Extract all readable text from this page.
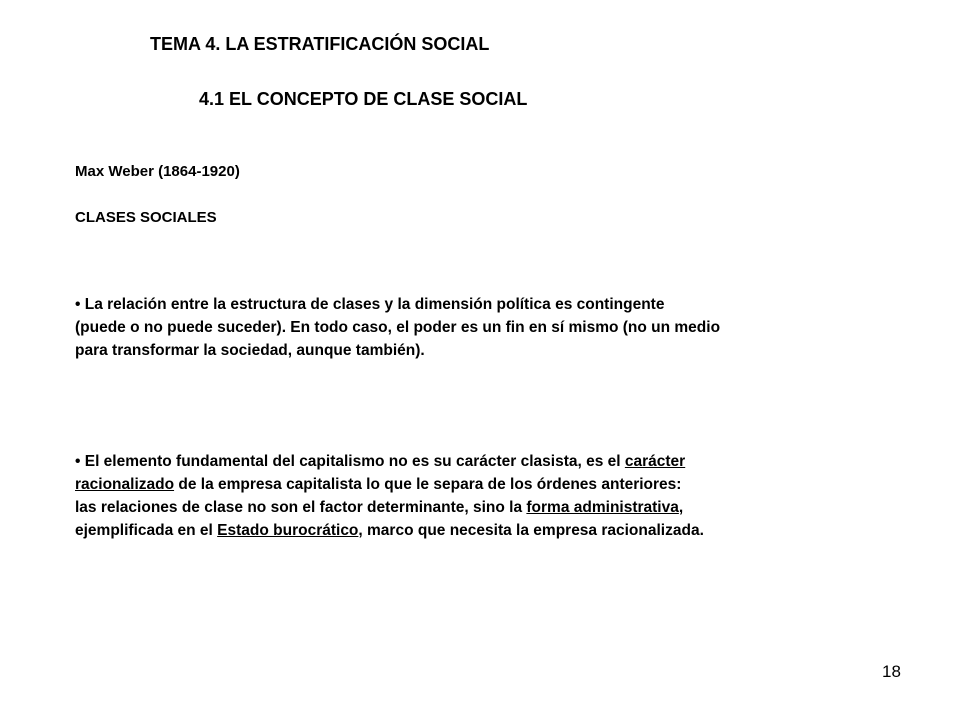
TEMA 4. LA ESTRATIFICACIÓN SOCIAL
4.1 EL CONCEPTO DE CLASE SOCIAL
Max Weber (1864-1920)
CLASES SOCIALES
• La relación entre la estructura de clases y la dimensión política es contingente
(puede o no puede suceder). En todo caso, el poder es un fin en sí mismo (no un medio
para transformar la sociedad, aunque también).
• El elemento fundamental del capitalismo no es su carácter clasista, es el carácter
racionalizado de la empresa capitalista lo que le separa de los órdenes anteriores:
las relaciones de clase no son el factor determinante, sino la forma administrativa,
ejemplificada en el Estado burocrático, marco que necesita la empresa racionalizada.
18
